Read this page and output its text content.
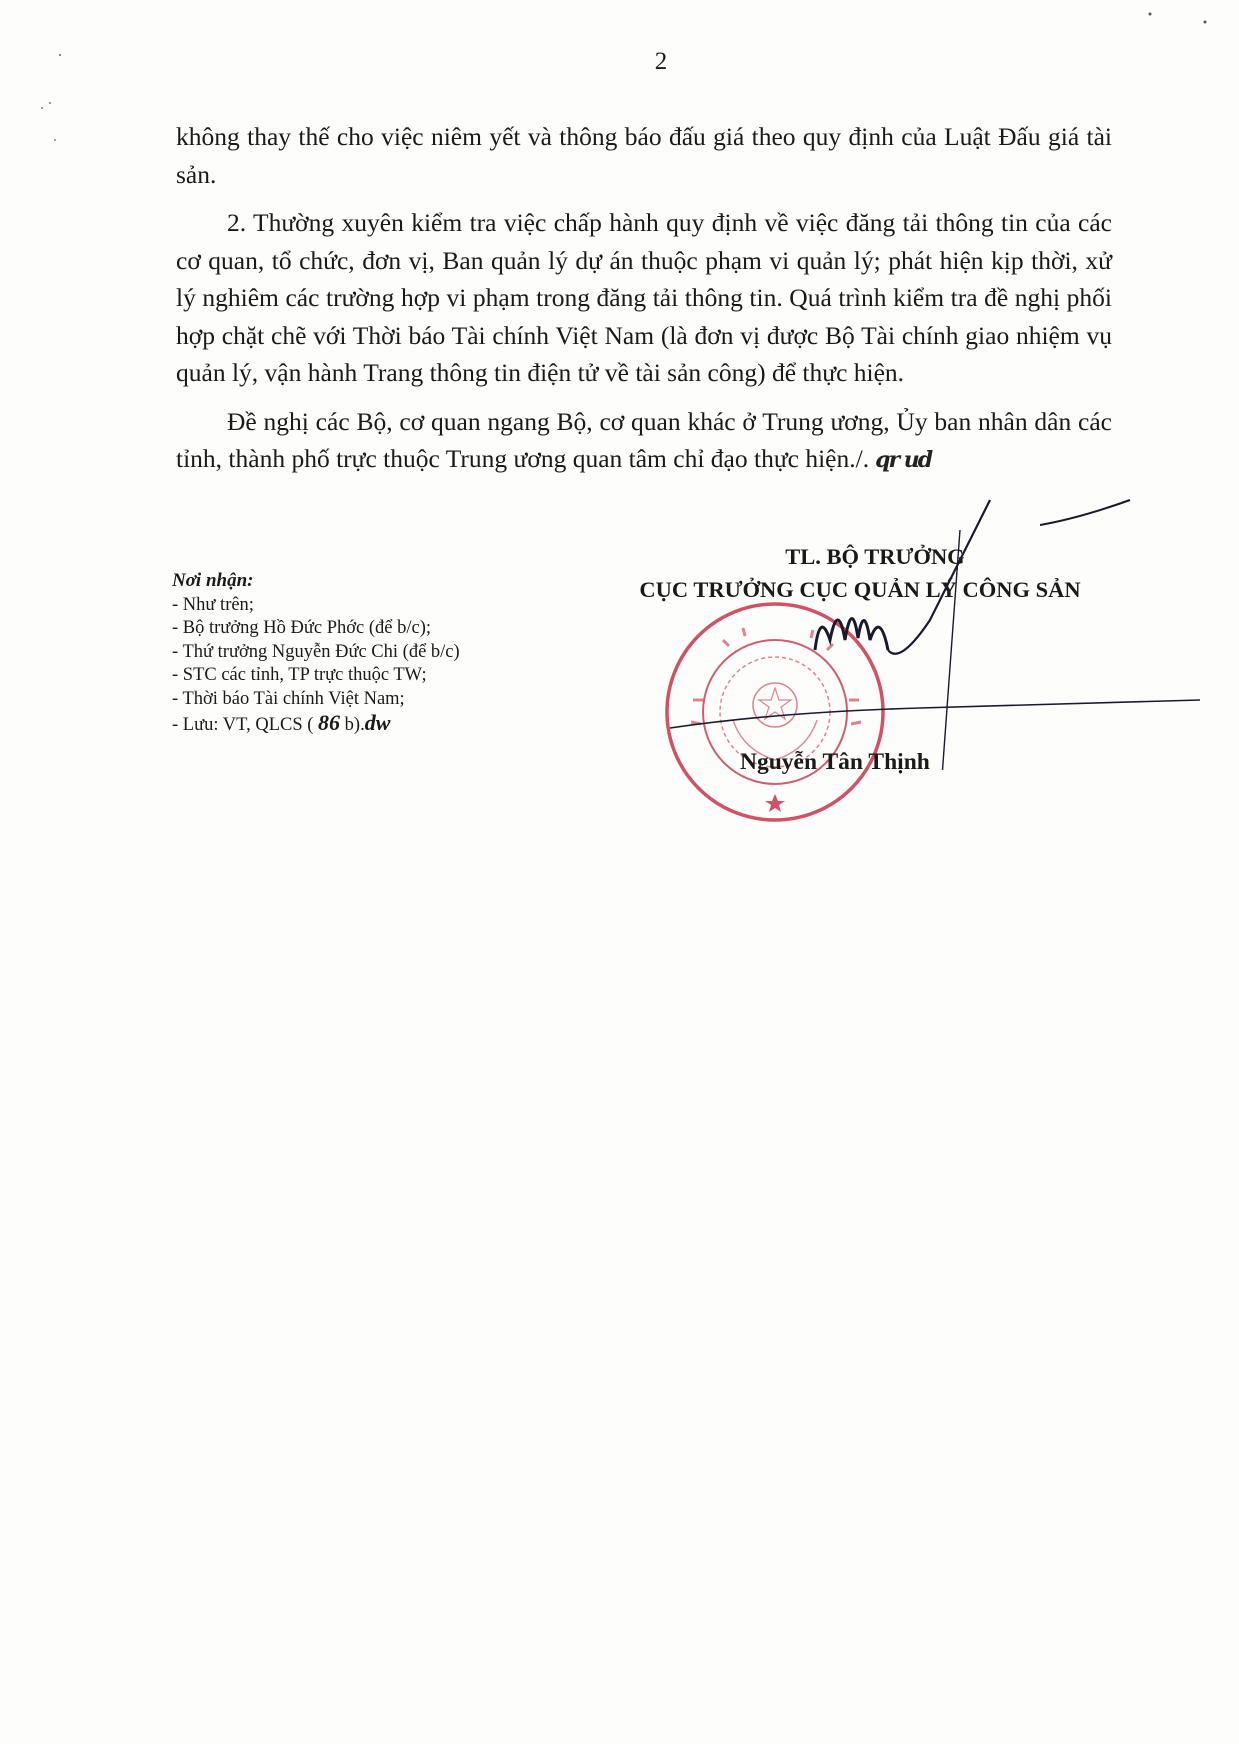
2

không thay thế cho việc niêm yết và thông báo đấu giá theo quy định của Luật Đấu giá tài sản.

2. Thường xuyên kiểm tra việc chấp hành quy định về việc đăng tải thông tin của các cơ quan, tổ chức, đơn vị, Ban quản lý dự án thuộc phạm vi quản lý; phát hiện kịp thời, xử lý nghiêm các trường hợp vi phạm trong đăng tải thông tin. Quá trình kiểm tra đề nghị phối hợp chặt chẽ với Thời báo Tài chính Việt Nam (là đơn vị được Bộ Tài chính giao nhiệm vụ quản lý, vận hành Trang thông tin điện tử về tài sản công) để thực hiện.

Đề nghị các Bộ, cơ quan ngang Bộ, cơ quan khác ở Trung ương, Ủy ban nhân dân các tỉnh, thành phố trực thuộc Trung ương quan tâm chỉ đạo thực hiện./. qr ud

Nơi nhận:
- Như trên;
- Bộ trưởng Hồ Đức Phớc (để b/c);
- Thứ trưởng Nguyễn Đức Chi (để b/c)
- STC các tỉnh, TP trực thuộc TW;
- Thời báo Tài chính Việt Nam;
- Lưu: VT, QLCS ( 86 b).dw
TL. BỘ TRƯỞNG
CỤC TRƯỞNG CỤC QUẢN LÝ CÔNG SẢN
Nguyễn Tân Thịnh
